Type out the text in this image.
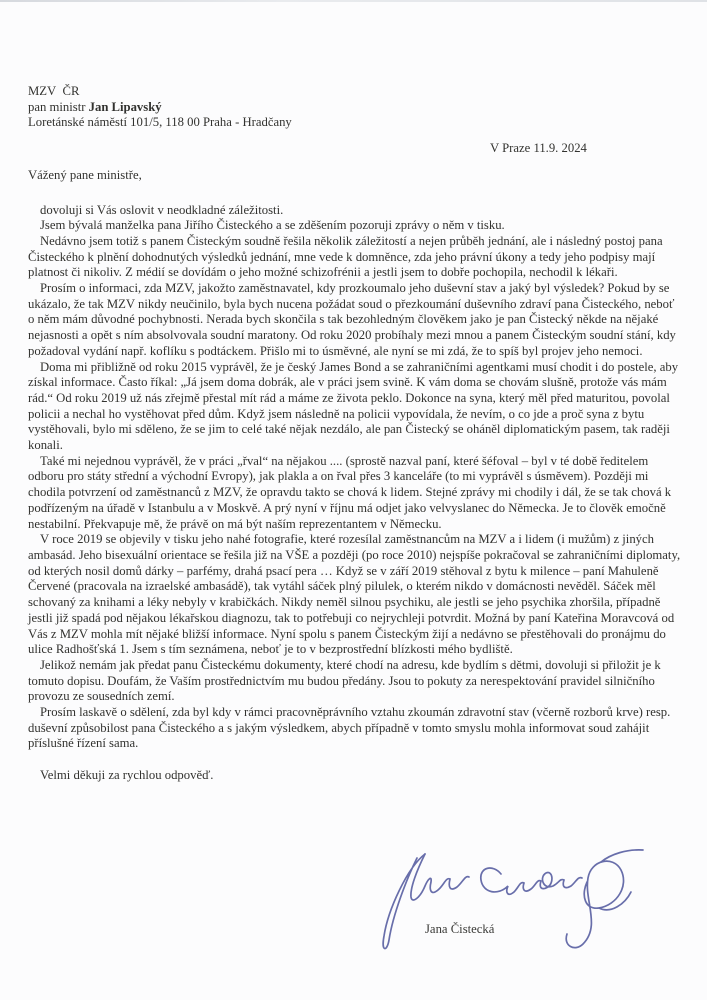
MZV  ČR

pan ministr Jan Lipavský

Loretánské náměstí 101/5, 118 00 Praha - Hradčany

V Praze 11.9. 2024
Vážený pane ministře,

dovoluji si Vás oslovit v neodkladné záležitosti.

Jsem bývalá manželka pana Jiřího Čisteckého a se zděšením pozoruji zprávy o něm v tisku.

Nedávno jsem totiž s panem Čisteckým soudně řešila několik záležitostí a nejen průběh jednání, ale i následný postoj pana Čisteckého k plnění dohodnutých výsledků jednání, mne vede k domněnce, zda jeho právní úkony a tedy jeho podpisy mají platnost či nikoliv. Z médií se dovídám o jeho možné schizofrénii a jestli jsem to dobře pochopila, nechodil k lékaři.

Prosím o informaci, zda MZV, jakožto zaměstnavatel, kdy prozkoumalo jeho duševní stav a jaký byl výsledek? Pokud by se ukázalo, že tak MZV nikdy neučinilo, byla bych nucena požádat soud o přezkoumání duševního zdraví pana Čisteckého, neboť o něm mám důvodné pochybnosti. Nerada bych skončila s tak bezohledným člověkem jako je pan Čistecký někde na nějaké nejasnosti a opět s ním absolvovala soudní maratony. Od roku 2020 probíhaly mezi mnou a panem Čisteckým soudní stání, kdy požadoval vydání např. koflíku s podtáckem. Přišlo mi to úsměvné, ale nyní se mi zdá, že to spíš byl projev jeho nemoci.

Doma mi přibližně od roku 2015 vyprávěl, že je český James Bond a se zahraničními agentkami musí chodit i do postele, aby získal informace. Často říkal: „Já jsem doma dobrák, ale v práci jsem svině. K vám doma se chovám slušně, protože vás mám rád.“ Od roku 2019 už nás zřejmě přestal mít rád a máme ze života peklo. Dokonce na syna, který měl před maturitou, povolal policii a nechal ho vystěhovat před dům. Když jsem následně na policii vypovídala, že nevím, o co jde a proč syna z bytu vystěhovali, bylo mi sděleno, že se jim to celé také nějak nezdálo, ale pan Čistecký se oháněl diplomatickým pasem, tak raději konali.

Také mi nejednou vyprávěl, že v práci „řval“ na nějakou .... (sprostě nazval paní, které šéfoval – byl v té době ředitelem odboru pro státy střední a východní Evropy), jak plakla a on řval přes 3 kanceláře (to mi vyprávěl s úsměvem). Později mi chodila potvrzení od zaměstnanců z MZV, že opravdu takto se chová k lidem. Stejné zprávy mi chodily i dál, že se tak chová k podřízeným na úřadě v Istanbulu a v Moskvě. A prý nyní v říjnu má odjet jako velvyslanec do Německa. Je to člověk emočně nestabilní. Překvapuje mě, že právě on má být naším reprezentantem v Německu.

V roce 2019 se objevily v tisku jeho nahé fotografie, které rozesílal zaměstnancům na MZV a i lidem (i mužům) z jiných ambasád. Jeho bisexuální orientace se řešila již na VŠE a později (po roce 2010) nejspíše pokračoval se zahraničními diplomaty, od kterých nosil domů dárky – parfémy, drahá psací pera … Když se v září 2019 stěhoval z bytu k milence – paní Mahuleně Červené (pracovala na izraelské ambasádě), tak vytáhl sáček plný pilulek, o kterém nikdo v domácnosti nevěděl. Sáček měl schovaný za knihami a léky nebyly v krabičkách. Nikdy neměl silnou psychiku, ale jestli se jeho psychika zhoršila, případně jestli již spadá pod nějakou lékařskou diagnozu, tak to potřebuji co nejrychleji potvrdit. Možná by paní Kateřina Moravcová od Vás z MZV mohla mít nějaké bližší informace. Nyní spolu s panem Čisteckým žijí a nedávno se přestěhovali do pronájmu do ulice Radhošťská 1. Jsem s tím seznámena, neboť je to v bezprostřední blízkosti mého bydliště.

Jelikož nemám jak předat panu Čisteckému dokumenty, které chodí na adresu, kde bydlím s dětmi, dovoluji si přiložit je k tomuto dopisu. Doufám, že Vaším prostřednictvím mu budou předány. Jsou to pokuty za nerespektování pravidel silničního provozu ze sousedních zemí.

Prosím laskavě o sdělení, zda byl kdy v rámci pracovněprávního vztahu zkoumán zdravotní stav (včerně rozborů krve) resp. duševní způsobilost pana Čisteckého a s jakým výsledkem, abych případně v tomto smyslu mohla informovat soud zahájit příslušné řízení sama.

Velmi děkuji za rychlou odpověď.
Jana Čistecká
